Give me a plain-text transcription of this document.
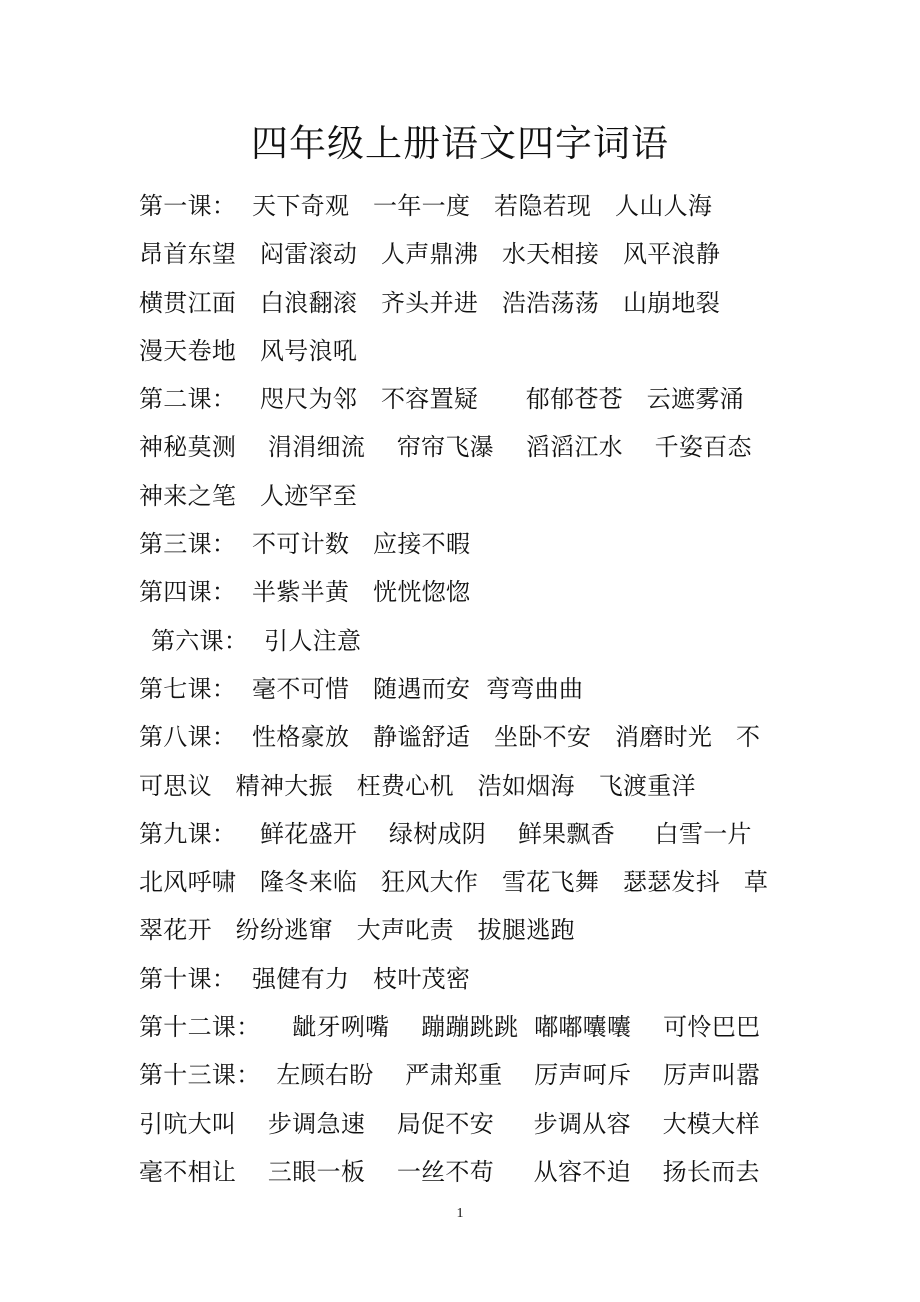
四年级上册语文四字词语
第一课：  天下奇观   一年一度   若隐若现   人山人海
昂首东望   闷雷滚动   人声鼎沸   水天相接   风平浪静
横贯江面   白浪翻滚   齐头并进   浩浩荡荡   山崩地裂
漫天卷地   风号浪吼
第二课：   咫尺为邻   不容置疑      郁郁苍苍   云遮雾涌
神秘莫测    涓涓细流    帘帘飞瀑    滔滔江水    千姿百态
神来之笔   人迹罕至
第三课：  不可计数   应接不暇
第四课：  半紫半黄   恍恍惚惚
第六课：  引人注意
第七课：  毫不可惜   随遇而安  弯弯曲曲
第八课：  性格豪放   静谧舒适   坐卧不安   消磨时光   不
可思议   精神大振   枉费心机   浩如烟海   飞渡重洋
第九课：   鲜花盛开    绿树成阴    鲜果飘香     白雪一片
北风呼啸   隆冬来临   狂风大作   雪花飞舞   瑟瑟发抖   草
翠花开   纷纷逃窜   大声叱责   拔腿逃跑
第十课：  强健有力   枝叶茂密
第十二课：    龇牙咧嘴    蹦蹦跳跳  嘟嘟囔囔    可怜巴巴
第十三课：  左顾右盼    严肃郑重    厉声呵斥    厉声叫嚣
引吭大叫    步调急速    局促不安     步调从容    大模大样
毫不相让    三眼一板    一丝不苟     从容不迫    扬长而去
1
